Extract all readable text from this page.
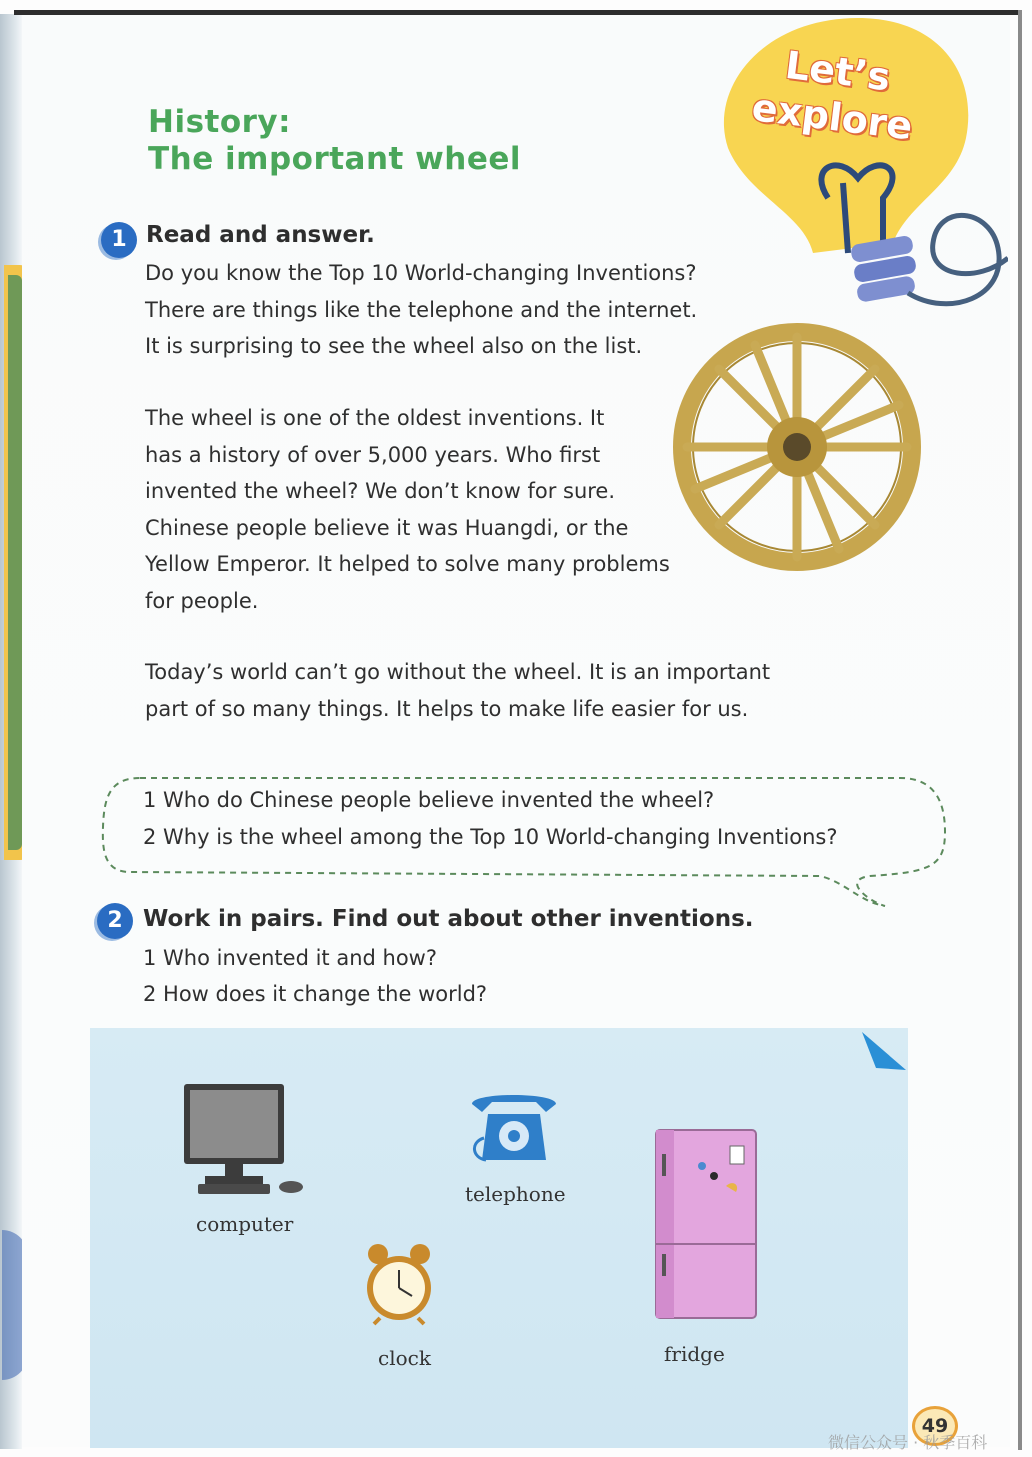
History:
The important wheel
Let’s
explore
1 Read and answer.
Do you know the Top 10 World-changing Inventions?
There are things like the telephone and the internet.
It is surprising to see the wheel also on the list.
The wheel is one of the oldest inventions. It
has a history of over 5,000 years. Who first
invented the wheel? We don’t know for sure.
Chinese people believe it was Huangdi, or the
Yellow Emperor. It helped to solve many problems
for people.
Today’s world can’t go without the wheel. It is an important
part of so many things. It helps to make life easier for us.
1 Who do Chinese people believe invented the wheel?
2 Why is the wheel among the Top 10 World-changing Inventions?
2 Work in pairs. Find out about other inventions.
1 Who invented it and how?
2 How does it change the world?
computer
telephone
fridge
clock
49
微信公众号 · 秋季百科
